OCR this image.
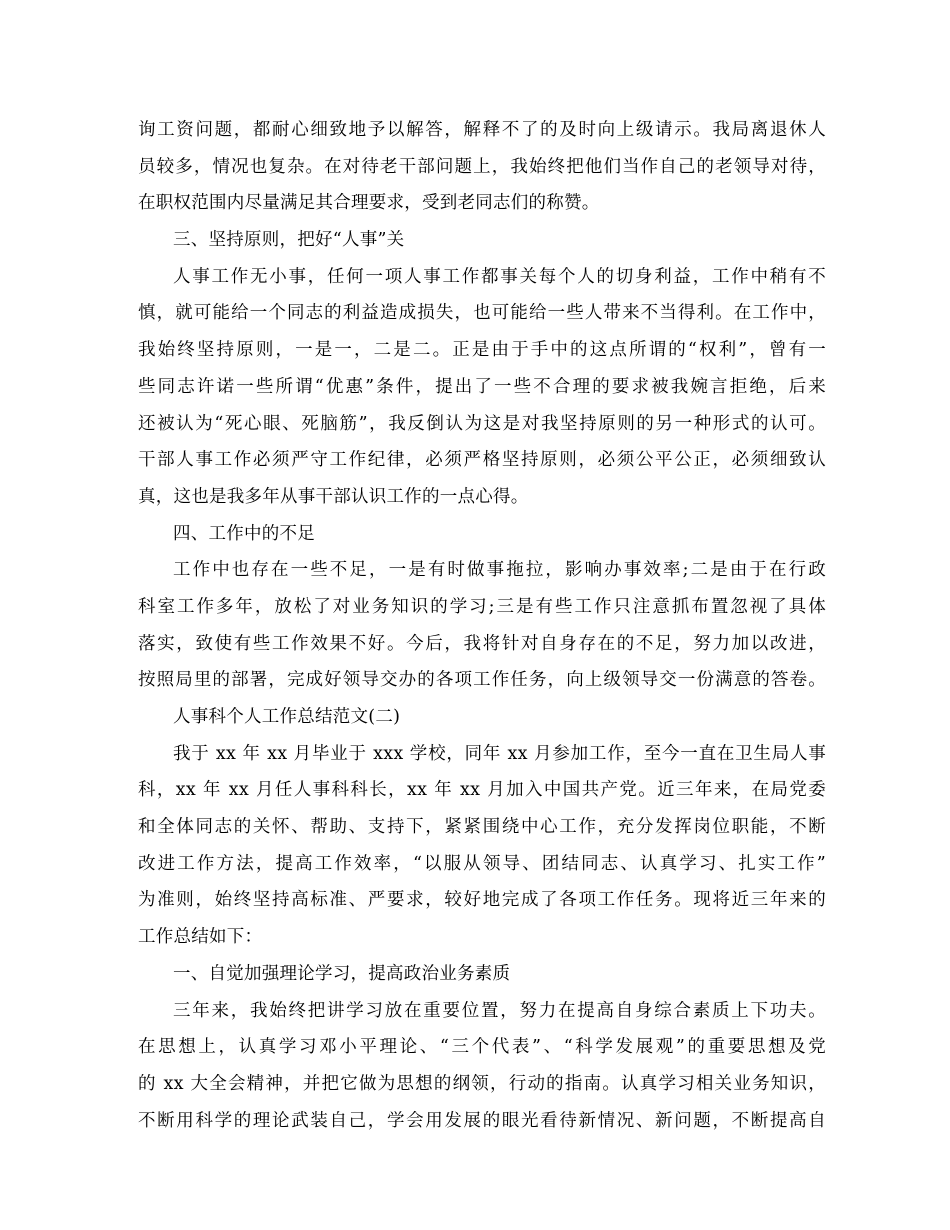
询工资问题，都耐心细致地予以解答，解释不了的及时向上级请示。我局离退休人
员较多，情况也复杂。在对待老干部问题上，我始终把他们当作自己的老领导对待，
在职权范围内尽量满足其合理要求，受到老同志们的称赞。
三、坚持原则，把好“人事”关
人事工作无小事，任何一项人事工作都事关每个人的切身利益，工作中稍有不
慎，就可能给一个同志的利益造成损失，也可能给一些人带来不当得利。在工作中，
我始终坚持原则，一是一，二是二。正是由于手中的这点所谓的“权利”，曾有一
些同志许诺一些所谓“优惠”条件，提出了一些不合理的要求被我婉言拒绝，后来
还被认为“死心眼、死脑筋”，我反倒认为这是对我坚持原则的另一种形式的认可。
干部人事工作必须严守工作纪律，必须严格坚持原则，必须公平公正，必须细致认
真，这也是我多年从事干部认识工作的一点心得。
四、工作中的不足
工作中也存在一些不足，一是有时做事拖拉，影响办事效率;二是由于在行政
科室工作多年，放松了对业务知识的学习;三是有些工作只注意抓布置忽视了具体
落实，致使有些工作效果不好。今后，我将针对自身存在的不足，努力加以改进，
按照局里的部署，完成好领导交办的各项工作任务，向上级领导交一份满意的答卷。
人事科个人工作总结范文(二)
我于 xx 年 xx 月毕业于 xxx 学校，同年 xx 月参加工作，至今一直在卫生局人事
科，xx 年 xx 月任人事科科长，xx 年 xx 月加入中国共产党。近三年来，在局党委
和全体同志的关怀、帮助、支持下，紧紧围绕中心工作，充分发挥岗位职能，不断
改进工作方法，提高工作效率，“以服从领导、团结同志、认真学习、扎实工作”
为准则，始终坚持高标准、严要求，较好地完成了各项工作任务。现将近三年来的
工作总结如下：
一、自觉加强理论学习，提高政治业务素质
三年来，我始终把讲学习放在重要位置，努力在提高自身综合素质上下功夫。
在思想上，认真学习邓小平理论、“三个代表”、“科学发展观”的重要思想及党
的 xx 大全会精神，并把它做为思想的纲领，行动的指南。认真学习相关业务知识，
不断用科学的理论武装自己，学会用发展的眼光看待新情况、新问题，不断提高自
